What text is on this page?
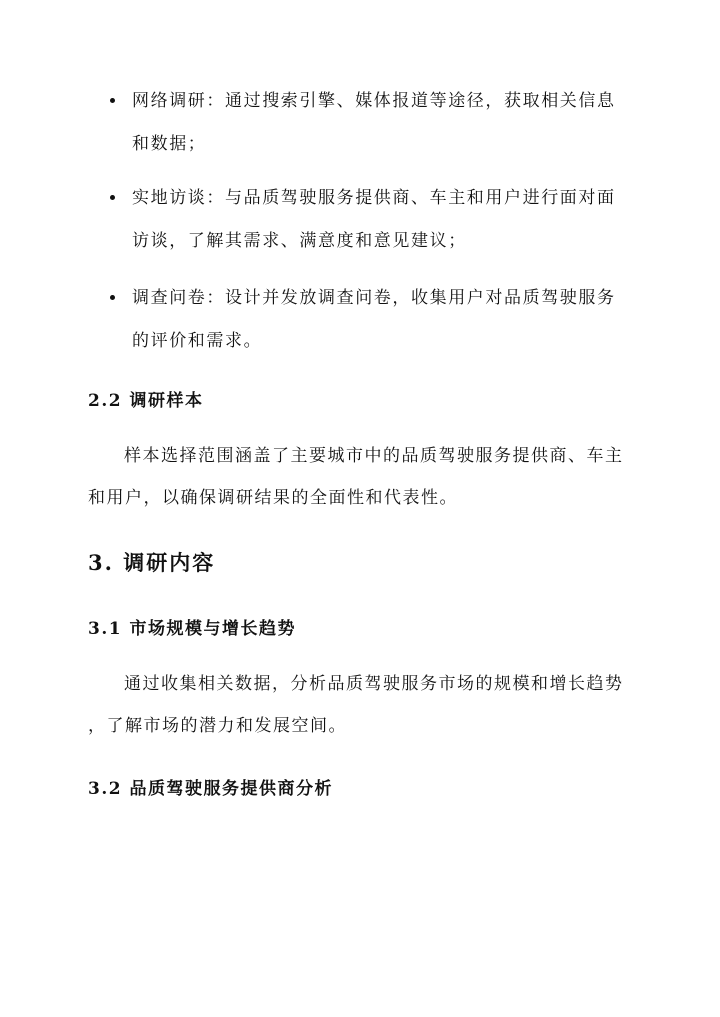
网络调研：通过搜索引擎、媒体报道等途径，获取相关信息
和数据；
实地访谈：与品质驾驶服务提供商、车主和用户进行面对面
访谈，了解其需求、满意度和意见建议；
调查问卷：设计并发放调查问卷，收集用户对品质驾驶服务
的评价和需求。
2.2 调研样本
样本选择范围涵盖了主要城市中的品质驾驶服务提供商、车主
和用户，以确保调研结果的全面性和代表性。
3. 调研内容
3.1 市场规模与增长趋势
通过收集相关数据，分析品质驾驶服务市场的规模和增长趋势
，了解市场的潜力和发展空间。
3.2 品质驾驶服务提供商分析
